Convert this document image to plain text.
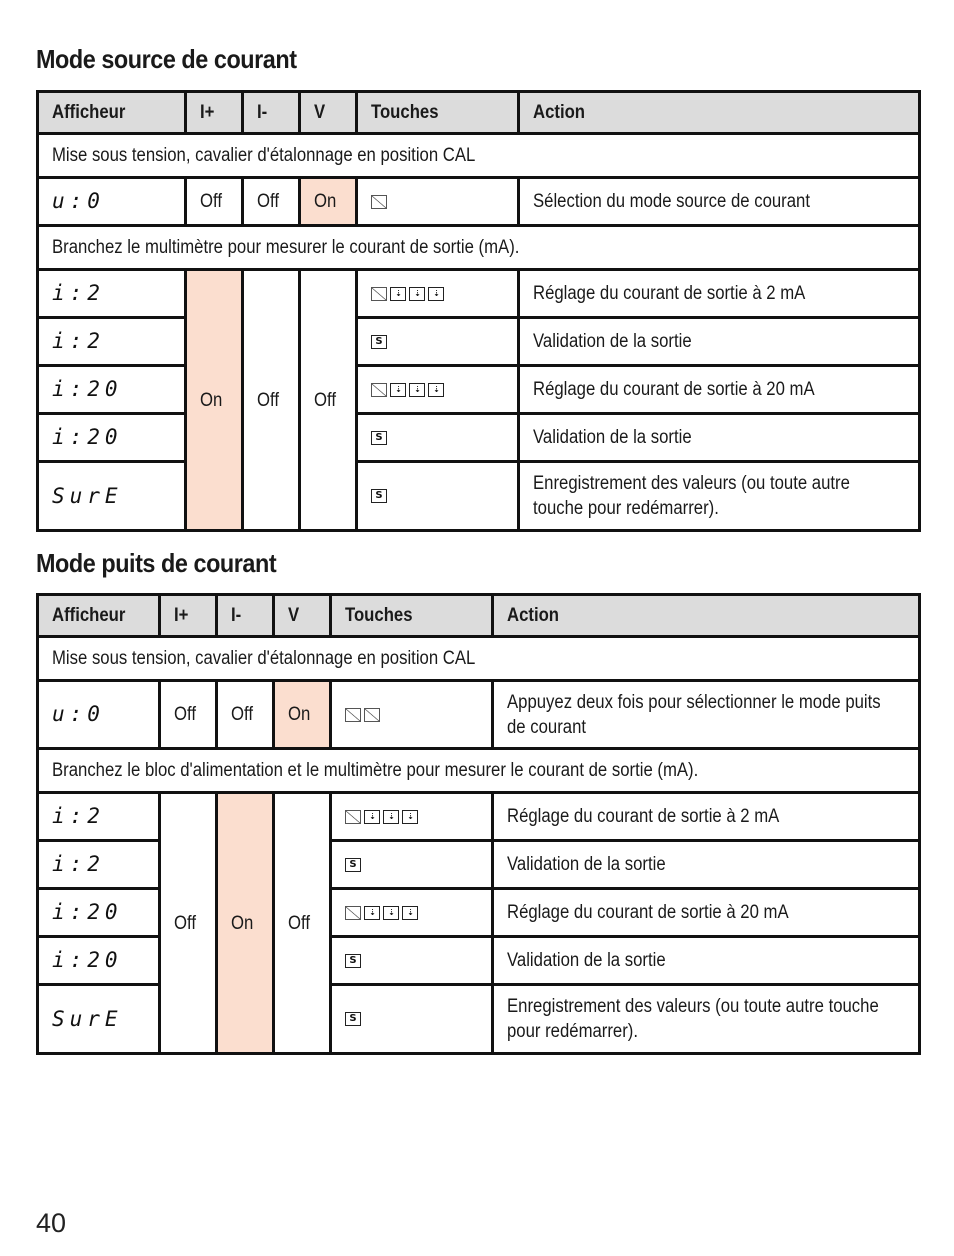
Mode source de courant
Afficheur	I+	I-	V	Touches	Action
Mise sous tension, cavalier d'étalonnage en position CAL					
u:0	Off	Off	On		Sélection du mode source de courant
Branchez le multimètre pour mesurer le courant de sortie (mA).					
i:2	On	Off	Off	⇣ ⇣ ⇣	Réglage du courant de sortie à 2 mA
i:2				S	Validation de la sortie
i:20				⇣ ⇣ ⇣	Réglage du courant de sortie à 20 mA
i:20				S	Validation de la sortie
SurE				S	Enregistrement des valeurs (ou toute autre touche pour redémarrer).
Mode puits de courant
Afficheur	I+	I-	V	Touches	Action
Mise sous tension, cavalier d'étalonnage en position CAL					
u:0	Off	Off	On		Appuyez deux fois pour sélectionner le mode puits de courant

Branchez le bloc d'alimentation et le multimètre pour mesurer le courant de sortie (mA).					
i:2	Off	On	Off	⇣ ⇣ ⇣	Réglage du courant de sortie à 2 mA
i:2				S	Validation de la sortie
i:20				⇣ ⇣ ⇣	Réglage du courant de sortie à 20 mA
i:20				S	Validation de la sortie
SurE				S	Enregistrement des valeurs (ou toute autre touche pour redémarrer).
40
